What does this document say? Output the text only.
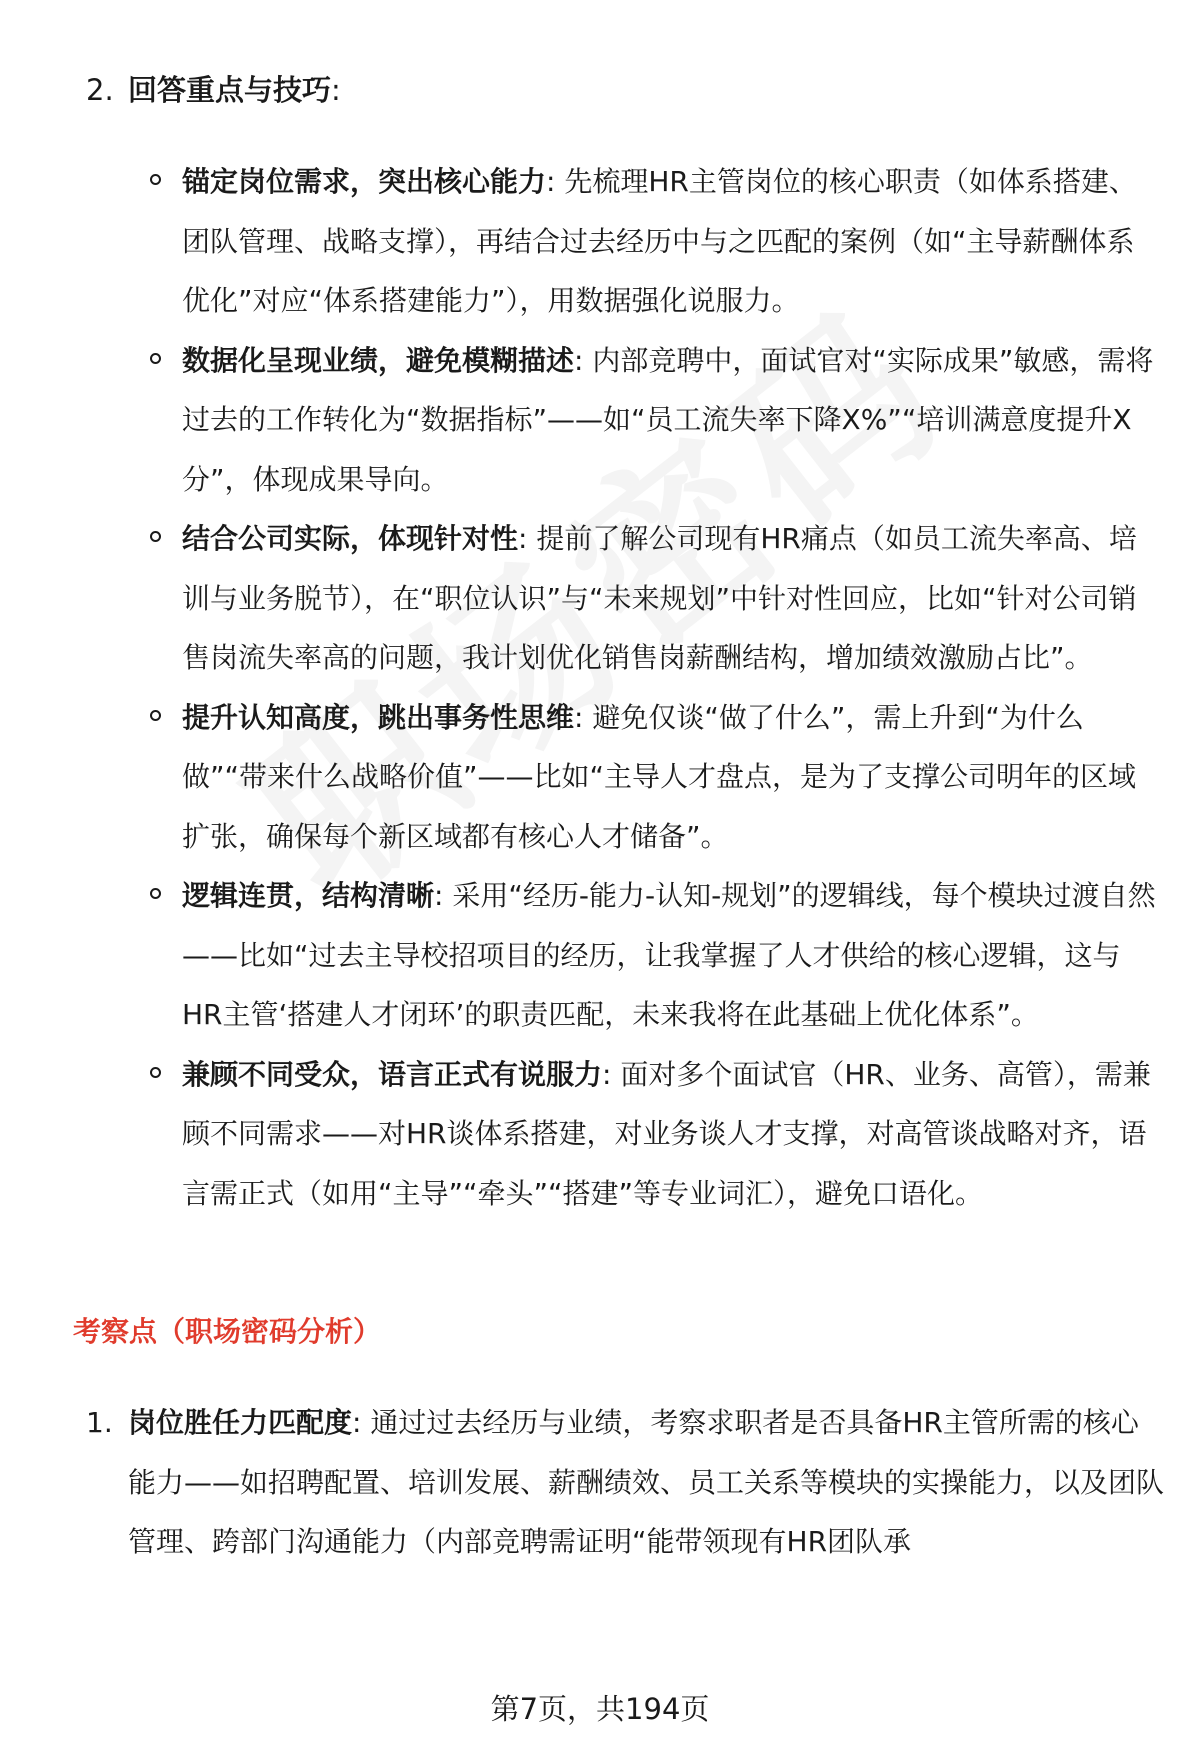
2. 回答重点与技巧 :
锚定岗位需求，突出核心能力: 先梳理HR主管岗位的核心职责（如体系搭建、团队管理、战略支撑），再结合过去经历中与之匹配的案例（如“主导薪酬体系优化”对应“体系搭建能力”），用数据强化说服力。
数据化呈现业绩，避免模糊描述: 内部竞聘中，面试官对“实际成果”敏感，需将过去的工作转化为“数据指标”——如“员工流失率下降X%”“培训满意度提升X分”，体现成果导向。
结合公司实际，体现针对性: 提前了解公司现有HR痛点（如员工流失率高、培训与业务脱节），在“职位认识”与“未来规划”中针对性回应，比如“针对公司销售岗流失率高的问题，我计划优化销售岗薪酬结构，增加绩效激励占比”。
提升认知高度，跳出事务性思维: 避免仅谈“做了什么”，需上升到“为什么做”“带来什么战略价值”——比如“主导人才盘点，是为了支撑公司明年的区域扩张，确保每个新区域都有核心人才储备”。
逻辑连贯，结构清晰: 采用“经历-能力-认知-规划”的逻辑线，每个模块过渡自然——比如“过去主导校招项目的经历，让我掌握了人才供给的核心逻辑，这与HR主管‘搭建人才闭环’的职责匹配，未来我将在此基础上优化体系”。
兼顾不同受众，语言正式有说服力: 面对多个面试官（HR、业务、高管），需兼顾不同需求——对HR谈体系搭建，对业务谈人才支撑，对高管谈战略对齐，语言需正式（如用“主导”“牵头”“搭建”等专业词汇），避免口语化。
考察点（职场密码分析）
1. 岗位胜任力匹配度: 通过过去经历与业绩，考察求职者是否具备HR主管所需的核心能力——如招聘配置、培训发展、薪酬绩效、员工关系等模块的实操能力，以及团队管理、跨部门沟通能力（内部竞聘需证明“能带领现有HR团队承
第7页，共194页
